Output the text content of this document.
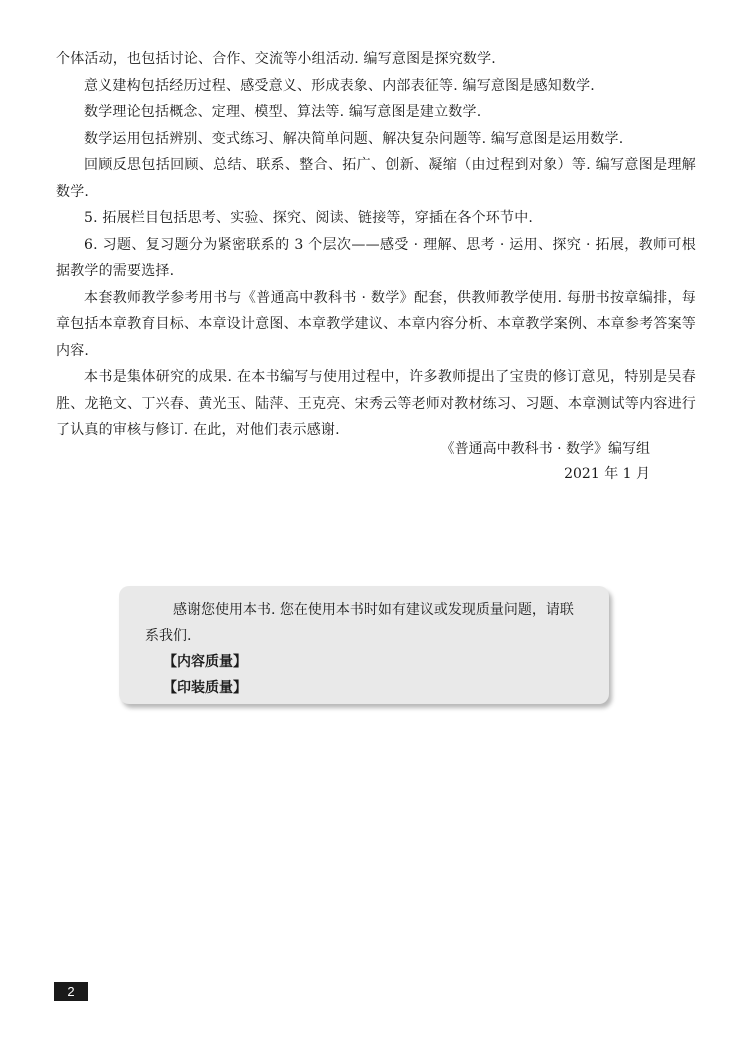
个体活动，也包括讨论、合作、交流等小组活动. 编写意图是探究数学.

意义建构包括经历过程、感受意义、形成表象、内部表征等. 编写意图是感知数学.

数学理论包括概念、定理、模型、算法等. 编写意图是建立数学.

数学运用包括辨别、变式练习、解决简单问题、解决复杂问题等. 编写意图是运用数学.

回顾反思包括回顾、总结、联系、整合、拓广、创新、凝缩（由过程到对象）等. 编写意图是理解数学.

5. 拓展栏目包括思考、实验、探究、阅读、链接等，穿插在各个环节中.

6. 习题、复习题分为紧密联系的 3 个层次——感受 · 理解、思考 · 运用、探究 · 拓展，教师可根据教学的需要选择.

本套教师教学参考用书与《普通高中教科书 · 数学》配套，供教师教学使用. 每册书按章编排，每章包括本章教育目标、本章设计意图、本章教学建议、本章内容分析、本章教学案例、本章参考答案等内容.

本书是集体研究的成果. 在本书编写与使用过程中，许多教师提出了宝贵的修订意见，特别是吴春胜、龙艳文、丁兴春、黄光玉、陆萍、王克亮、宋秀云等老师对教材练习、习题、本章测试等内容进行了认真的审核与修订. 在此，对他们表示感谢.

《普通高中教科书 · 数学》编写组
2021 年 1 月

感谢您使用本书. 您在使用本书时如有建议或发现质量问题，请联系我们.

【内容质量】
【印装质量】
2
